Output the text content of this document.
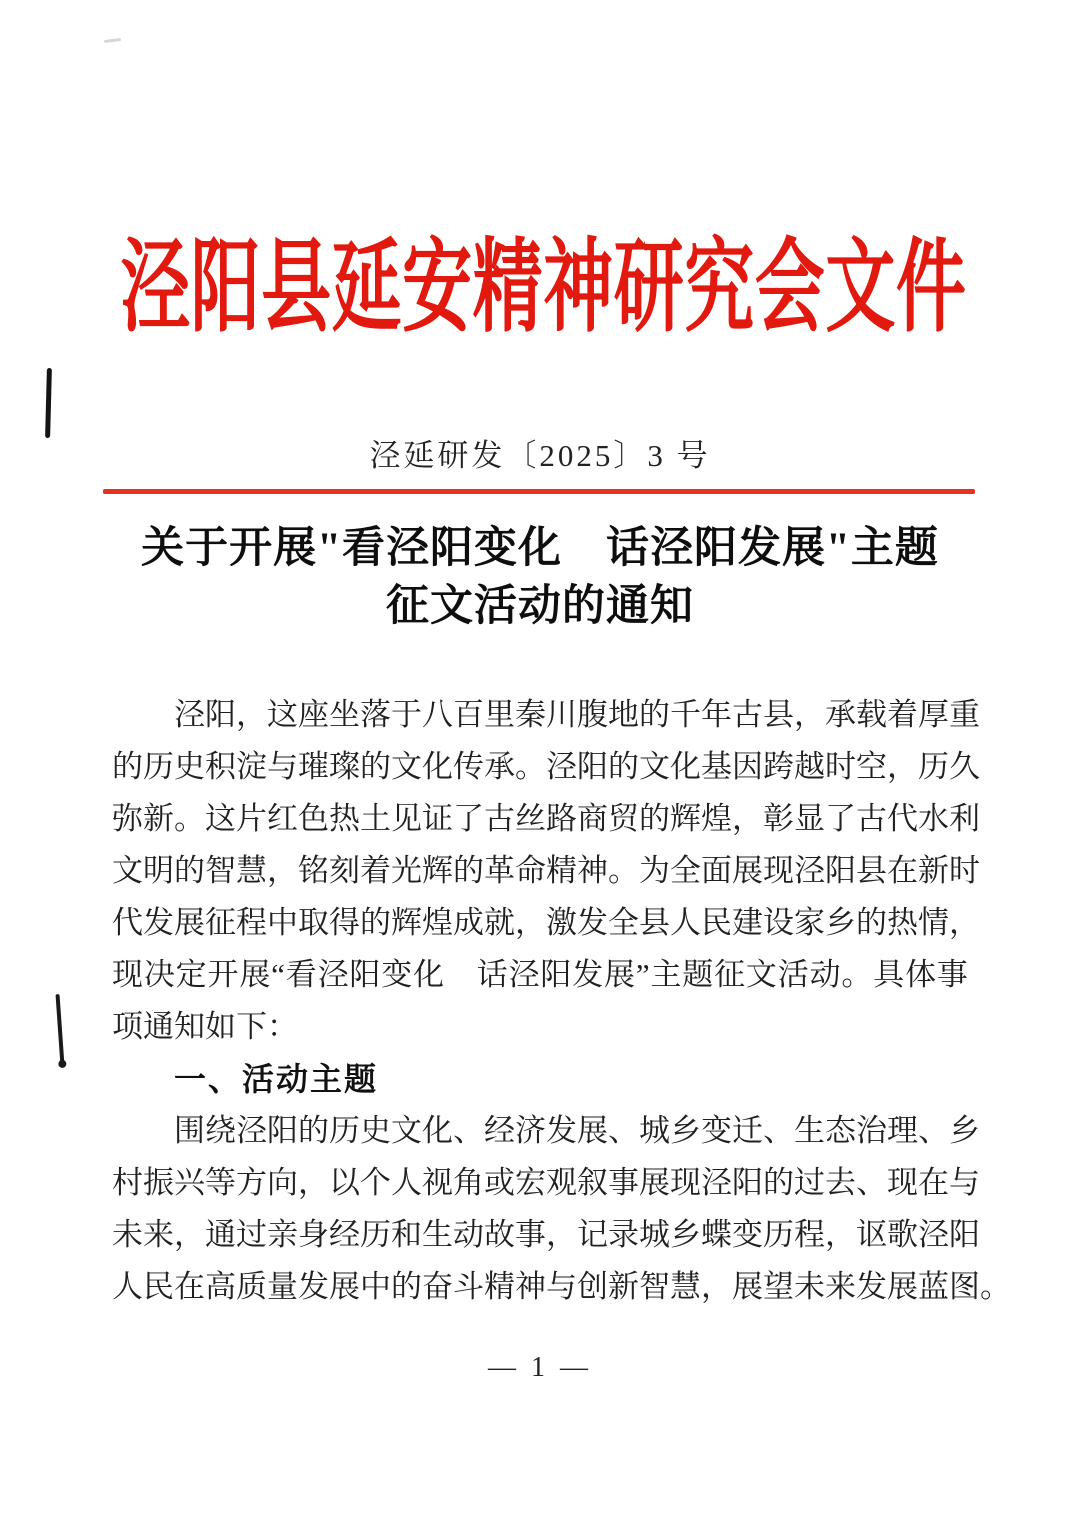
泾 阳 县 延 安 精 神 研 究 会 文 件
泾延研发〔2025〕3 号
关于开展"看泾阳变化　话泾阳发展"主题
征文活动的通知
泾 阳 ， 这 座 坐 落 于 八 百 里 秦 川 腹 地 的 千 年 古 县 ， 承 载 着 厚 重
的 历 史 积 淀 与 璀 璨 的 文 化 传 承 。 泾 阳 的 文 化 基 因 跨 越 时 空 ， 历 久
弥 新 。 这 片 红 色 热 土 见 证 了 古 丝 路 商 贸 的 辉 煌 ， 彰 显 了 古 代 水 利
文 明 的 智 慧 ， 铭 刻 着 光 辉 的 革 命 精 神 。 为 全 面 展 现 泾 阳 县 在 新 时
代 发 展 征 程 中 取 得 的 辉 煌 成 就 ， 激 发 全 县 人 民 建 设 家 乡 的 热 情 ，
现 决 定 开 展 “ 看 泾 阳 变 化
　 话 泾 阳 发 展 ” 主 题 征 文 活 动 。 具 体 事
项通知如下：
一、活动主题
围 绕 泾 阳 的 历 史 文 化 、 经 济 发 展 、 城 乡 变 迁 、 生 态 治 理 、 乡
村 振 兴 等 方 向 ， 以 个 人 视 角 或 宏 观 叙 事 展 现 泾 阳 的 过 去 、 现 在 与
未 来 ， 通 过 亲 身 经 历 和 生 动 故 事 ， 记 录 城 乡 蝶 变 历 程 ， 讴 歌 泾 阳
人 民 在 高 质 量 发 展 中 的 奋 斗 精 神 与 创 新 智 慧 ， 展 望 未 来 发 展 蓝 图 。
— 1 —
